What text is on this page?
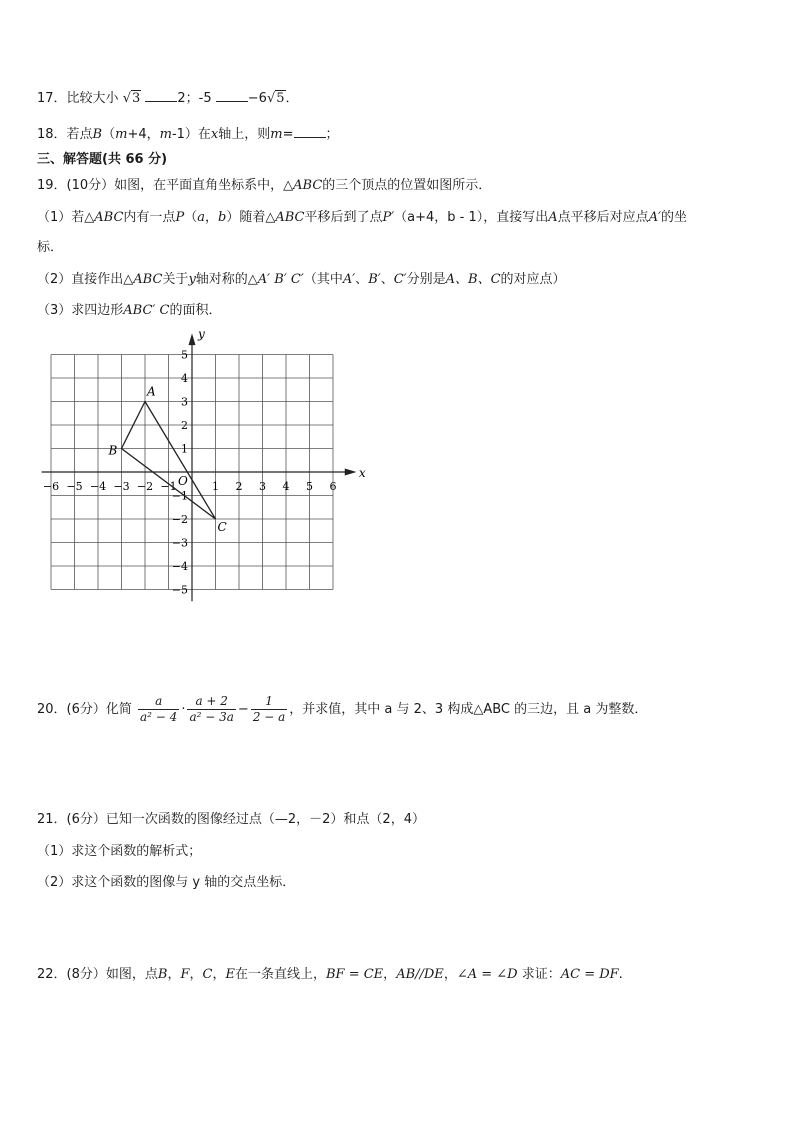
17．比较大小 √3	2；-5	−6√5．
18．若点B（m+4，m-1）在x轴上，则m= ；
三、解答题(共 66 分)
19．(10分）如图，在平面直角坐标系中，△ABC的三个顶点的位置如图所示．
（1）若△ABC内有一点P（a，b）随着△ABC平移后到了点P′（a+4，b - 1），直接写出A点平移后对应点A′的坐
标．
（2）直接作出△ABC关于y轴对称的△A′ B′ C′（其中A′、B′、C′分别是A、B、C的对应点）
（3）求四边形ABC′ C的面积．
x
y
O
−6 −5 −4 −3 −2 −1	1 2 3 4 5 6
5
4
3
2
1
−1
−2
−3
−4
−5
A
B
C
20．(6分）化简 $\frac{a}{\text{a² − 4}} \cdot \frac{a + 2}{\text{a² − 3a}} - \frac{1}{2 - a}$ ，并求值，其中 a 与 2、3 构成△ABC 的三边，且 a 为整数．
21．(6分）已知一次函数的图像经过点（—2，－2）和点（2，4）
（1）求这个函数的解析式；
（2）求这个函数的图像与 y 轴的交点坐标．
22．(8分）如图，点B，F，C，E在一条直线上，BF = CE，AB//DE，∠A = ∠D 求证：AC = DF.
